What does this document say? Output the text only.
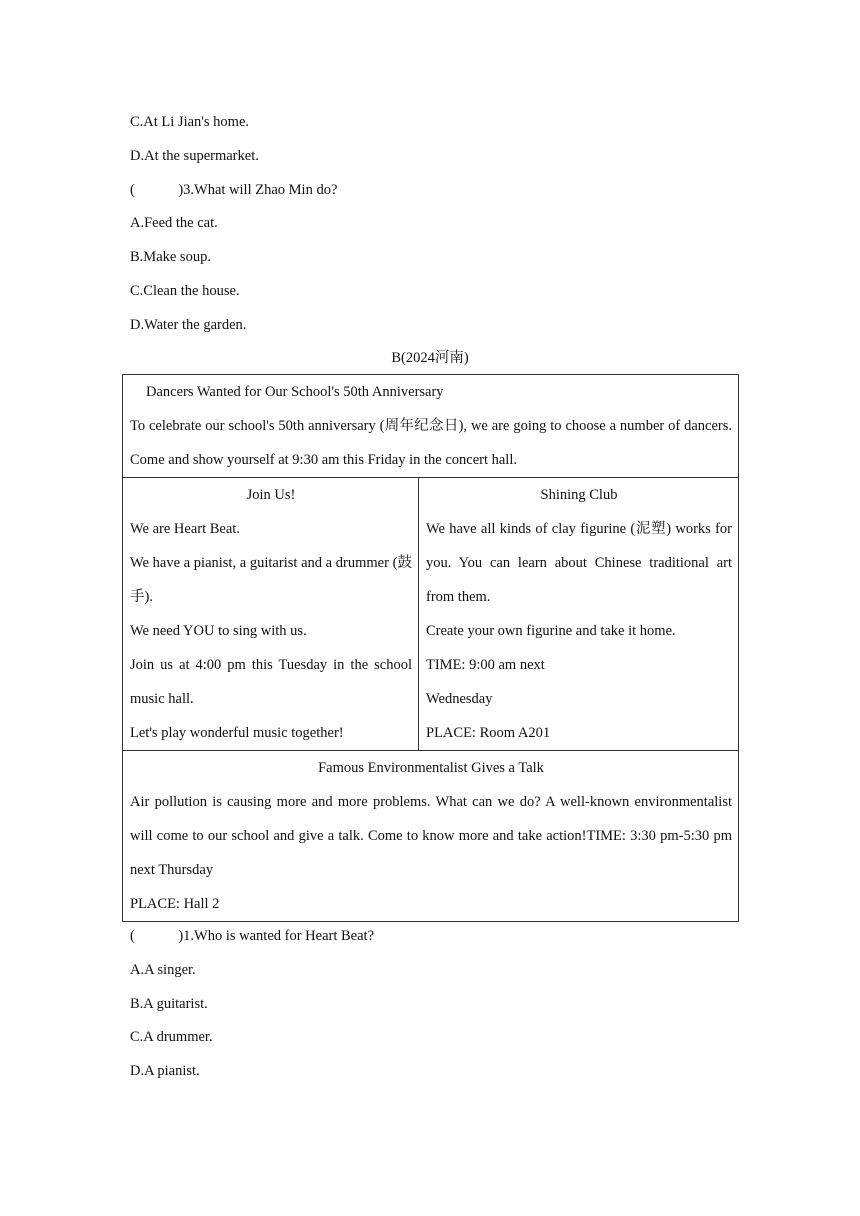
C.At Li Jian's home.
D.At the supermarket.
(　　　)3.What will Zhao Min do?
A.Feed the cat.
B.Make soup.
C.Clean the house.
D.Water the garden.
B(2024河南)

Dancers Wanted for Our School's 50th Anniversary

To celebrate our school's 50th anniversary (周年纪念日), we are going to choose a number of dancers. Come and show yourself at 9:30 am this Friday in the concert hall.

Join Us!

We are Heart Beat.

We have a pianist, a guitarist and a drummer (鼓手).

We need YOU to sing with us.

Join us at 4:00 pm this Tuesday in the school music hall.

Let's play wonderful music together!

Shining Club

We have all kinds of clay figurine (泥塑) works for you. You can learn about Chinese traditional art from them.

Create your own figurine and take it home.

TIME: 9:00 am next

Wednesday

PLACE: Room A201

Famous Environmentalist Gives a Talk

Air pollution is causing more and more problems. What can we do? A well-known environmentalist will come to our school and give a talk. Come to know more and take action!TIME: 3:30 pm-5:30 pm next Thursday

PLACE: Hall 2

(　　　)1.Who is wanted for Heart Beat?
A.A singer.
B.A guitarist.
C.A drummer.
D.A pianist.
